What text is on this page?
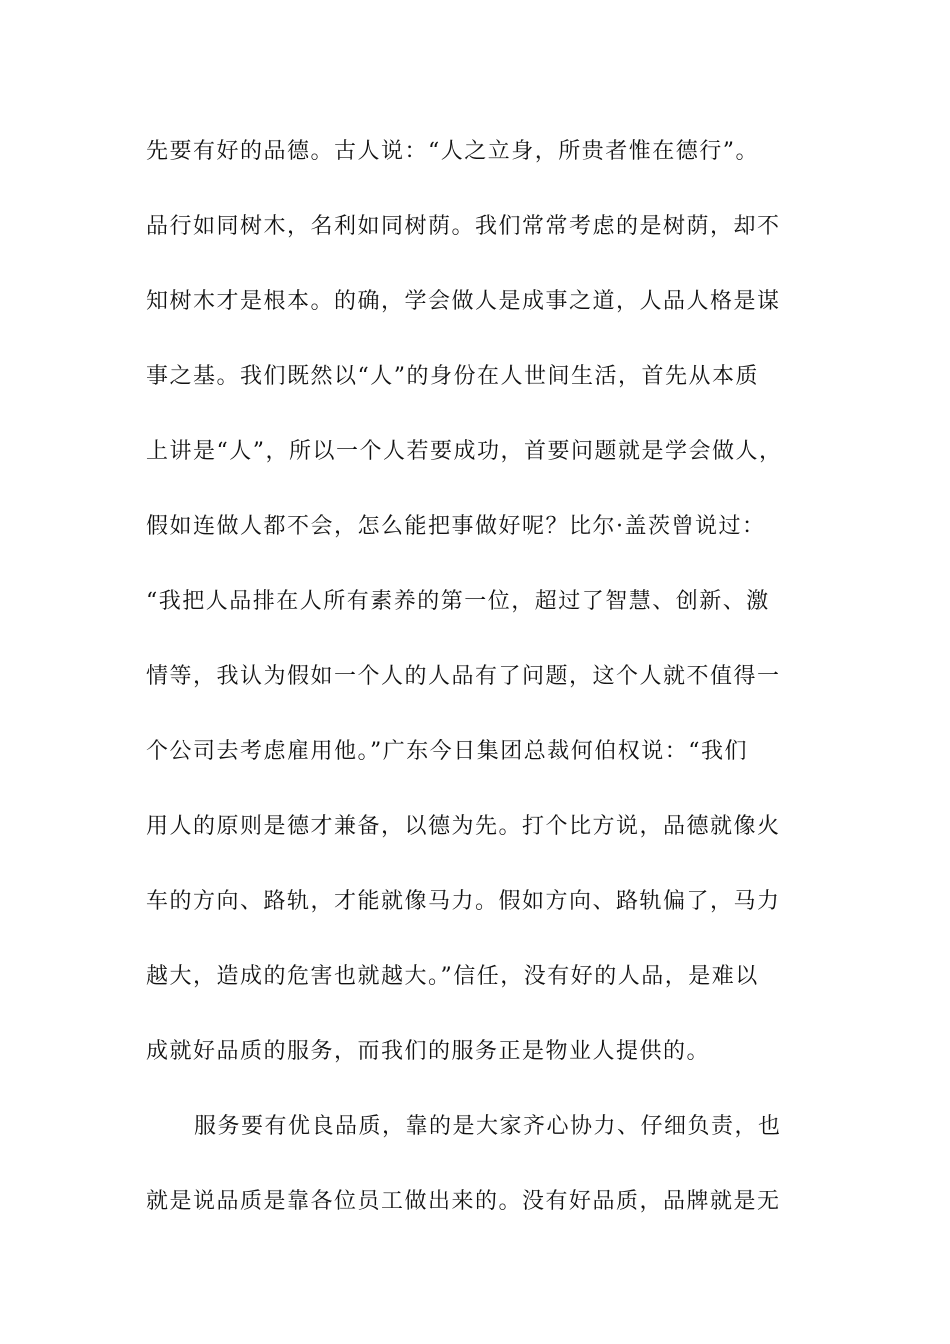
先要有好的品德。古人说：“人之立身，所贵者惟在德行”。
品行如同树木，名利如同树荫。我们常常考虑的是树荫，却不
知树木才是根本。的确，学会做人是成事之道，人品人格是谋
事之基。我们既然以“人”的身份在人世间生活，首先从本质
上讲是“人”，所以一个人若要成功，首要问题就是学会做人，
假如连做人都不会，怎么能把事做好呢？比尔·盖茨曾说过：
“我把人品排在人所有素养的第一位，超过了智慧、创新、激
情等，我认为假如一个人的人品有了问题，这个人就不值得一
个公司去考虑雇用他。”广东今日集团总裁何伯权说：“我们
用人的原则是德才兼备，以德为先。打个比方说，品德就像火
车的方向、路轨，才能就像马力。假如方向、路轨偏了，马力
越大，造成的危害也就越大。”信任，没有好的人品，是难以
成就好品质的服务，而我们的服务正是物业人提供的。
服务要有优良品质，靠的是大家齐心协力、仔细负责，也
就是说品质是靠各位员工做出来的。没有好品质，品牌就是无
